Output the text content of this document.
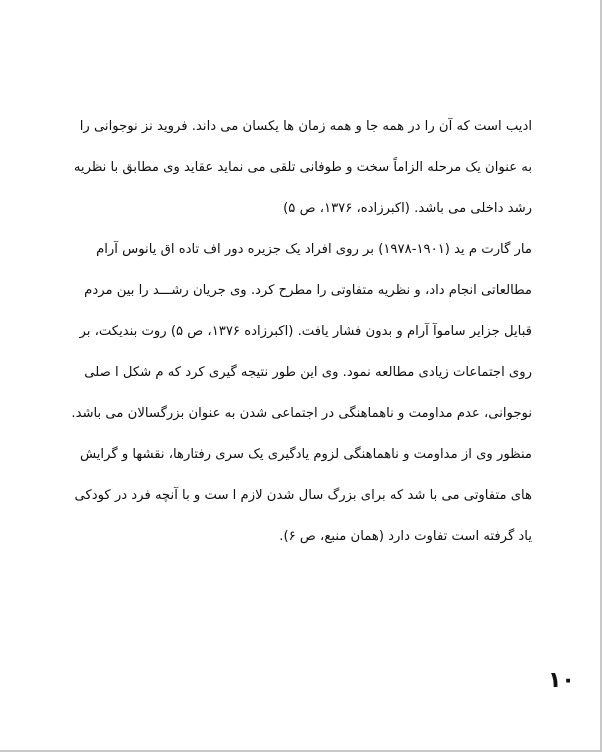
ادیب است که آن را در همه جا و همه زمان ها یکسان می داند. فروید نز نوجوانی را
به عنوان یک مرحله الزاماً سخت و طوفانی تلقی می نماید عقاید وی مطابق با نظریه
رشد داخلی می باشد. (اکبرزاده، ۱۳۷۶، ص ۵)
مار گارت م ید (۱۹۰۱-۱۹۷۸) بر روی افراد یک جزیره دور اف تاده اق یانوس آرام
مطالعاتی انجام داد، و نظریه متفاوتی را مطرح کرد. وی جریان رشـــد را بین مردم
قبایل جزایر ساموآ آرام و بدون فشار یافت. (اکبرزاده ۱۳۷۶، ص ۵) روت بندیکت، بر
روی اجتماعات زیادی مطالعه نمود. وی این طور نتیجه گیری کرد که م شکل ا صلی
نوجوانی، عدم مداومت و ناهماهنگی در اجتماعی شدن به عنوان بزرگسالان می باشد.
منظور وی از مداومت و ناهماهنگی لزوم یادگیری یک سری رفتارها، نقشها و گرایش
های متفاوتی می با شد که برای بزرگ سال شدن لازم ا ست و با آنچه فرد در کودکی
یاد گرفته است تفاوت دارد (همان منبع، ص ۶).
۱۰
